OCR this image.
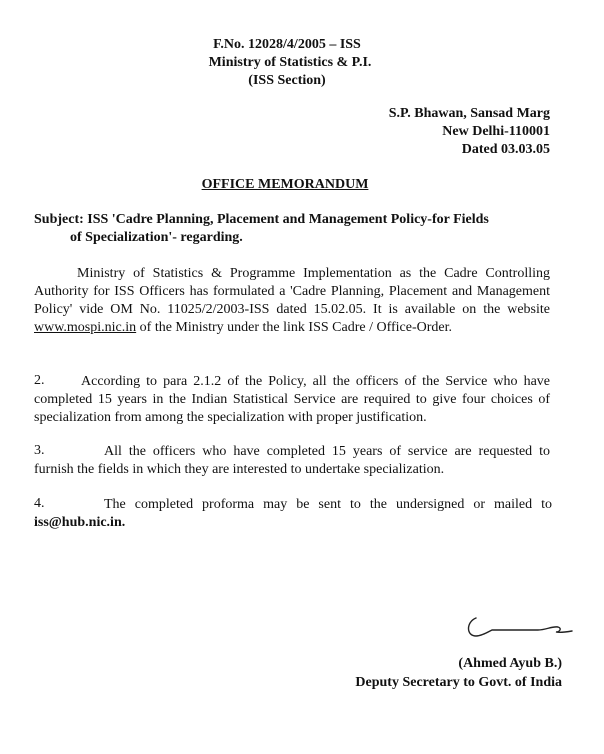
F.No. 12028/4/2005 – ISS
Ministry of Statistics & P.I.
(ISS Section)
S.P. Bhawan, Sansad Marg
New Delhi-110001
Dated 03.03.05
OFFICE MEMORANDUM
Subject: ISS 'Cadre Planning, Placement and Management Policy-for Fields
of Specialization'- regarding.
Ministry of Statistics & Programme Implementation as the Cadre Controlling Authority for ISS Officers has formulated a 'Cadre Planning, Placement and Management Policy' vide OM No. 11025/2/2003-ISS dated 15.02.05. It is available on the website www.mospi.nic.in of the Ministry under the link ISS Cadre / Office-Order.
2.	According to para 2.1.2 of the Policy, all the officers of the Service who have completed 15 years in the Indian Statistical Service are required to give four choices of specialization from among the specialization with proper justification.
3.	All the officers who have completed 15 years of service are requested to furnish the fields in which they are interested to undertake specialization.
4.	The completed proforma may be sent to the undersigned or mailed to iss@hub.nic.in.
(Ahmed Ayub B.)
Deputy Secretary to Govt. of India
